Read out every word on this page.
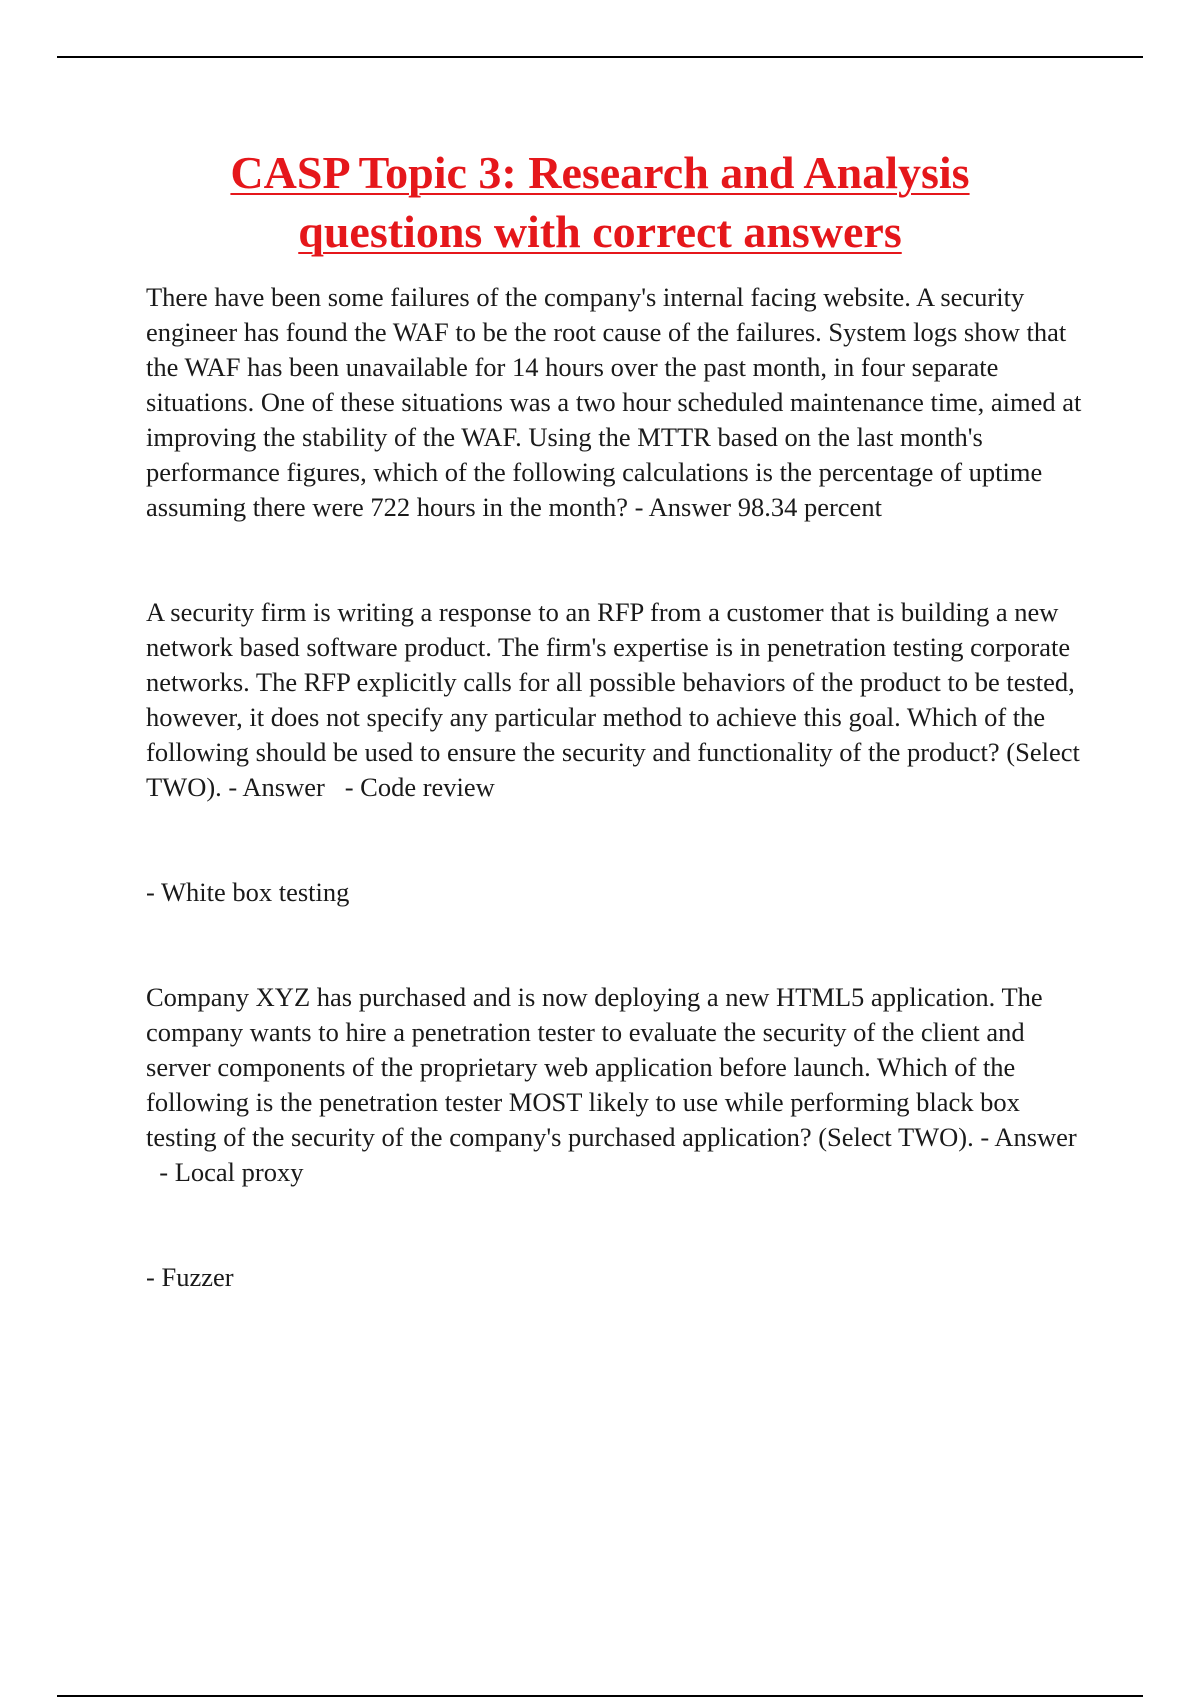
CASP Topic 3: Research and Analysis
questions with correct answers

There have been some failures of the company's internal facing website. A security engineer has found the WAF to be the root cause of the failures. System logs show that the WAF has been unavailable for 14 hours over the past month, in four separate situations. One of these situations was a two hour scheduled maintenance time, aimed at improving the stability of the WAF. Using the MTTR based on the last month's performance figures, which of the following calculations is the percentage of uptime assuming there were 722 hours in the month? - Answer 98.34 percent

A security firm is writing a response to an RFP from a customer that is building a new network based software product. The firm's expertise is in penetration testing corporate networks. The RFP explicitly calls for all possible behaviors of the product to be tested, however, it does not specify any particular method to achieve this goal. Which of the following should be used to ensure the security and functionality of the product? (Select TWO). - Answer   - Code review

- White box testing

Company XYZ has purchased and is now deploying a new HTML5 application. The company wants to hire a penetration tester to evaluate the security of the client and server components of the proprietary web application before launch. Which of the following is the penetration tester MOST likely to use while performing black box testing of the security of the company's purchased application? (Select TWO). - Answer   - Local proxy

- Fuzzer
